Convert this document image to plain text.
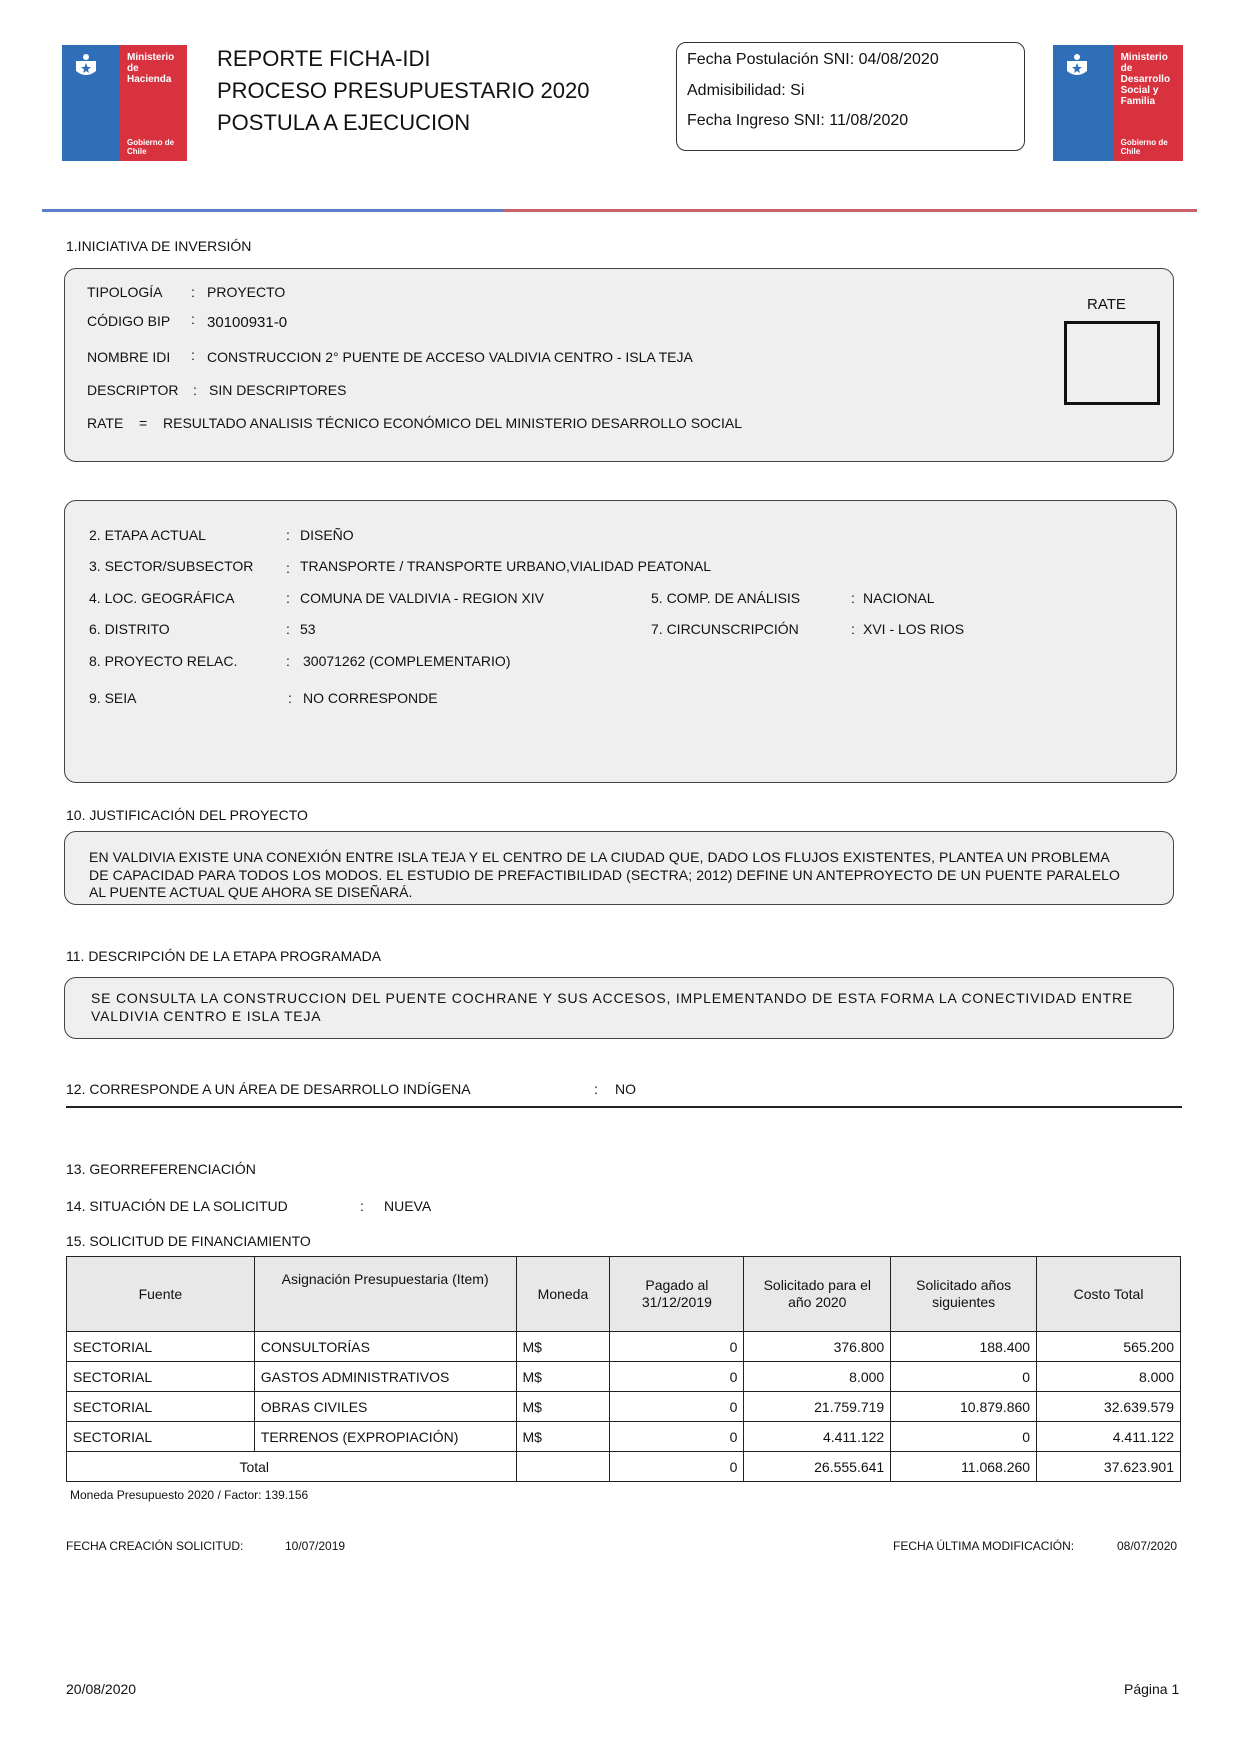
Ministerio de Hacienda
Gobierno de Chile
Ministerio de Desarrollo Social y Familia
Gobierno de Chile
REPORTE FICHA-IDI
PROCESO PRESUPUESTARIO 2020
POSTULA A EJECUCION
Fecha Postulación SNI: 04/08/2020
Admisibilidad: Si
Fecha Ingreso SNI: 11/08/2020
1.INICIATIVA DE INVERSIÓN
TIPOLOGÍA : PROYECTO
CÓDIGO BIP : 30100931-0
NOMBRE IDI : CONSTRUCCION 2° PUENTE DE ACCESO VALDIVIA CENTRO - ISLA TEJA
DESCRIPTOR : SIN DESCRIPTORES
RATE = RESULTADO ANALISIS TÉCNICO ECONÓMICO DEL MINISTERIO DESARROLLO SOCIAL
RATE
2. ETAPA ACTUAL	: DISEÑO
3. SECTOR/SUBSECTOR : TRANSPORTE / TRANSPORTE URBANO,VIALIDAD PEATONAL
4. LOC. GEOGRÁFICA	: COMUNA DE VALDIVIA - REGION XIV	5. COMP. DE ANÁLISIS	: NACIONAL
6. DISTRITO	: 53	7. CIRCUNSCRIPCIÓN	: XVI - LOS RIOS
8. PROYECTO RELAC.	: 30071262 (COMPLEMENTARIO)
9. SEIA	: NO CORRESPONDE
10. JUSTIFICACIÓN DEL PROYECTO
EN VALDIVIA EXISTE UNA CONEXIÓN ENTRE ISLA TEJA Y EL CENTRO DE LA CIUDAD QUE, DADO LOS FLUJOS EXISTENTES, PLANTEA UN PROBLEMA
DE CAPACIDAD PARA TODOS LOS MODOS. EL ESTUDIO DE PREFACTIBILIDAD (SECTRA; 2012) DEFINE UN ANTEPROYECTO DE UN PUENTE PARALELO
AL PUENTE ACTUAL QUE AHORA SE DISEÑARÁ.
11. DESCRIPCIÓN DE LA ETAPA PROGRAMADA
SE CONSULTA LA CONSTRUCCION DEL PUENTE COCHRANE Y SUS ACCESOS, IMPLEMENTANDO DE ESTA FORMA LA CONECTIVIDAD ENTRE
VALDIVIA CENTRO E ISLA TEJA
12. CORRESPONDE A UN ÁREA DE DESARROLLO INDÍGENA	: NO
13. GEORREFERENCIACIÓN
14. SITUACIÓN DE LA SOLICITUD	: NUEVA
15. SOLICITUD DE FINANCIAMIENTO
Fuente	Asignación Presupuestaria (Item)	Moneda	Pagado al 31/12/2019	Solicitado para el año 2020	Solicitado años siguientes	Costo Total
SECTORIAL	CONSULTORÍAS	M$	0	376.800	188.400	565.200
SECTORIAL	GASTOS ADMINISTRATIVOS	M$	0	8.000	0	8.000
SECTORIAL	OBRAS CIVILES	M$	0	21.759.719	10.879.860	32.639.579
SECTORIAL	TERRENOS (EXPROPIACIÓN)	M$	0	4.411.122	0	4.411.122
Total			0	26.555.641	11.068.260	37.623.901
Moneda Presupuesto 2020 / Factor: 139.156
FECHA CREACIÓN SOLICITUD:	10/07/2019	FECHA ÚLTIMA MODIFICACIÓN:	08/07/2020
20/08/2020	Página 1
